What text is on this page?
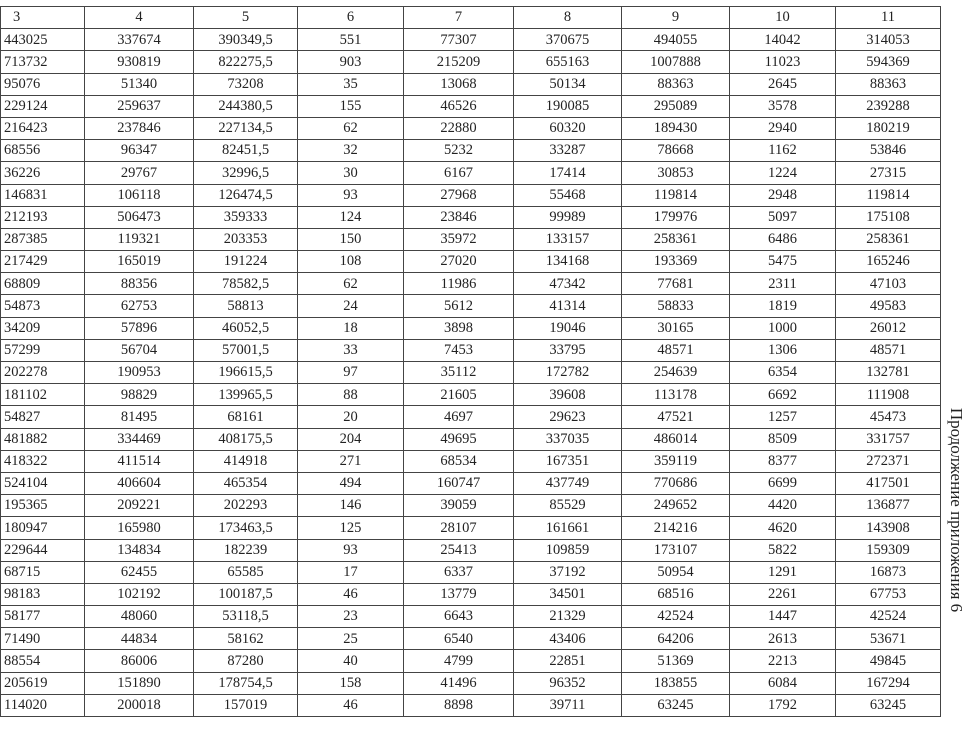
3	4	5	6	7	8	9	10	11
443025	337674	390349,5	551	77307	370675	494055	14042	314053
713732	930819	822275,5	903	215209	655163	1007888	11023	594369
95076	51340	73208	35	13068	50134	88363	2645	88363
229124	259637	244380,5	155	46526	190085	295089	3578	239288
216423	237846	227134,5	62	22880	60320	189430	2940	180219
68556	96347	82451,5	32	5232	33287	78668	1162	53846
36226	29767	32996,5	30	6167	17414	30853	1224	27315
146831	106118	126474,5	93	27968	55468	119814	2948	119814
212193	506473	359333	124	23846	99989	179976	5097	175108
287385	119321	203353	150	35972	133157	258361	6486	258361
217429	165019	191224	108	27020	134168	193369	5475	165246
68809	88356	78582,5	62	11986	47342	77681	2311	47103
54873	62753	58813	24	5612	41314	58833	1819	49583
34209	57896	46052,5	18	3898	19046	30165	1000	26012
57299	56704	57001,5	33	7453	33795	48571	1306	48571
202278	190953	196615,5	97	35112	172782	254639	6354	132781
181102	98829	139965,5	88	21605	39608	113178	6692	111908
54827	81495	68161	20	4697	29623	47521	1257	45473
481882	334469	408175,5	204	49695	337035	486014	8509	331757
418322	411514	414918	271	68534	167351	359119	8377	272371
524104	406604	465354	494	160747	437749	770686	6699	417501
195365	209221	202293	146	39059	85529	249652	4420	136877
180947	165980	173463,5	125	28107	161661	214216	4620	143908
229644	134834	182239	93	25413	109859	173107	5822	159309
68715	62455	65585	17	6337	37192	50954	1291	16873
98183	102192	100187,5	46	13779	34501	68516	2261	67753
58177	48060	53118,5	23	6643	21329	42524	1447	42524
71490	44834	58162	25	6540	43406	64206	2613	53671
88554	86006	87280	40	4799	22851	51369	2213	49845
205619	151890	178754,5	158	41496	96352	183855	6084	167294
114020	200018	157019	46	8898	39711	63245	1792	63245
Продолжение приложения 6
